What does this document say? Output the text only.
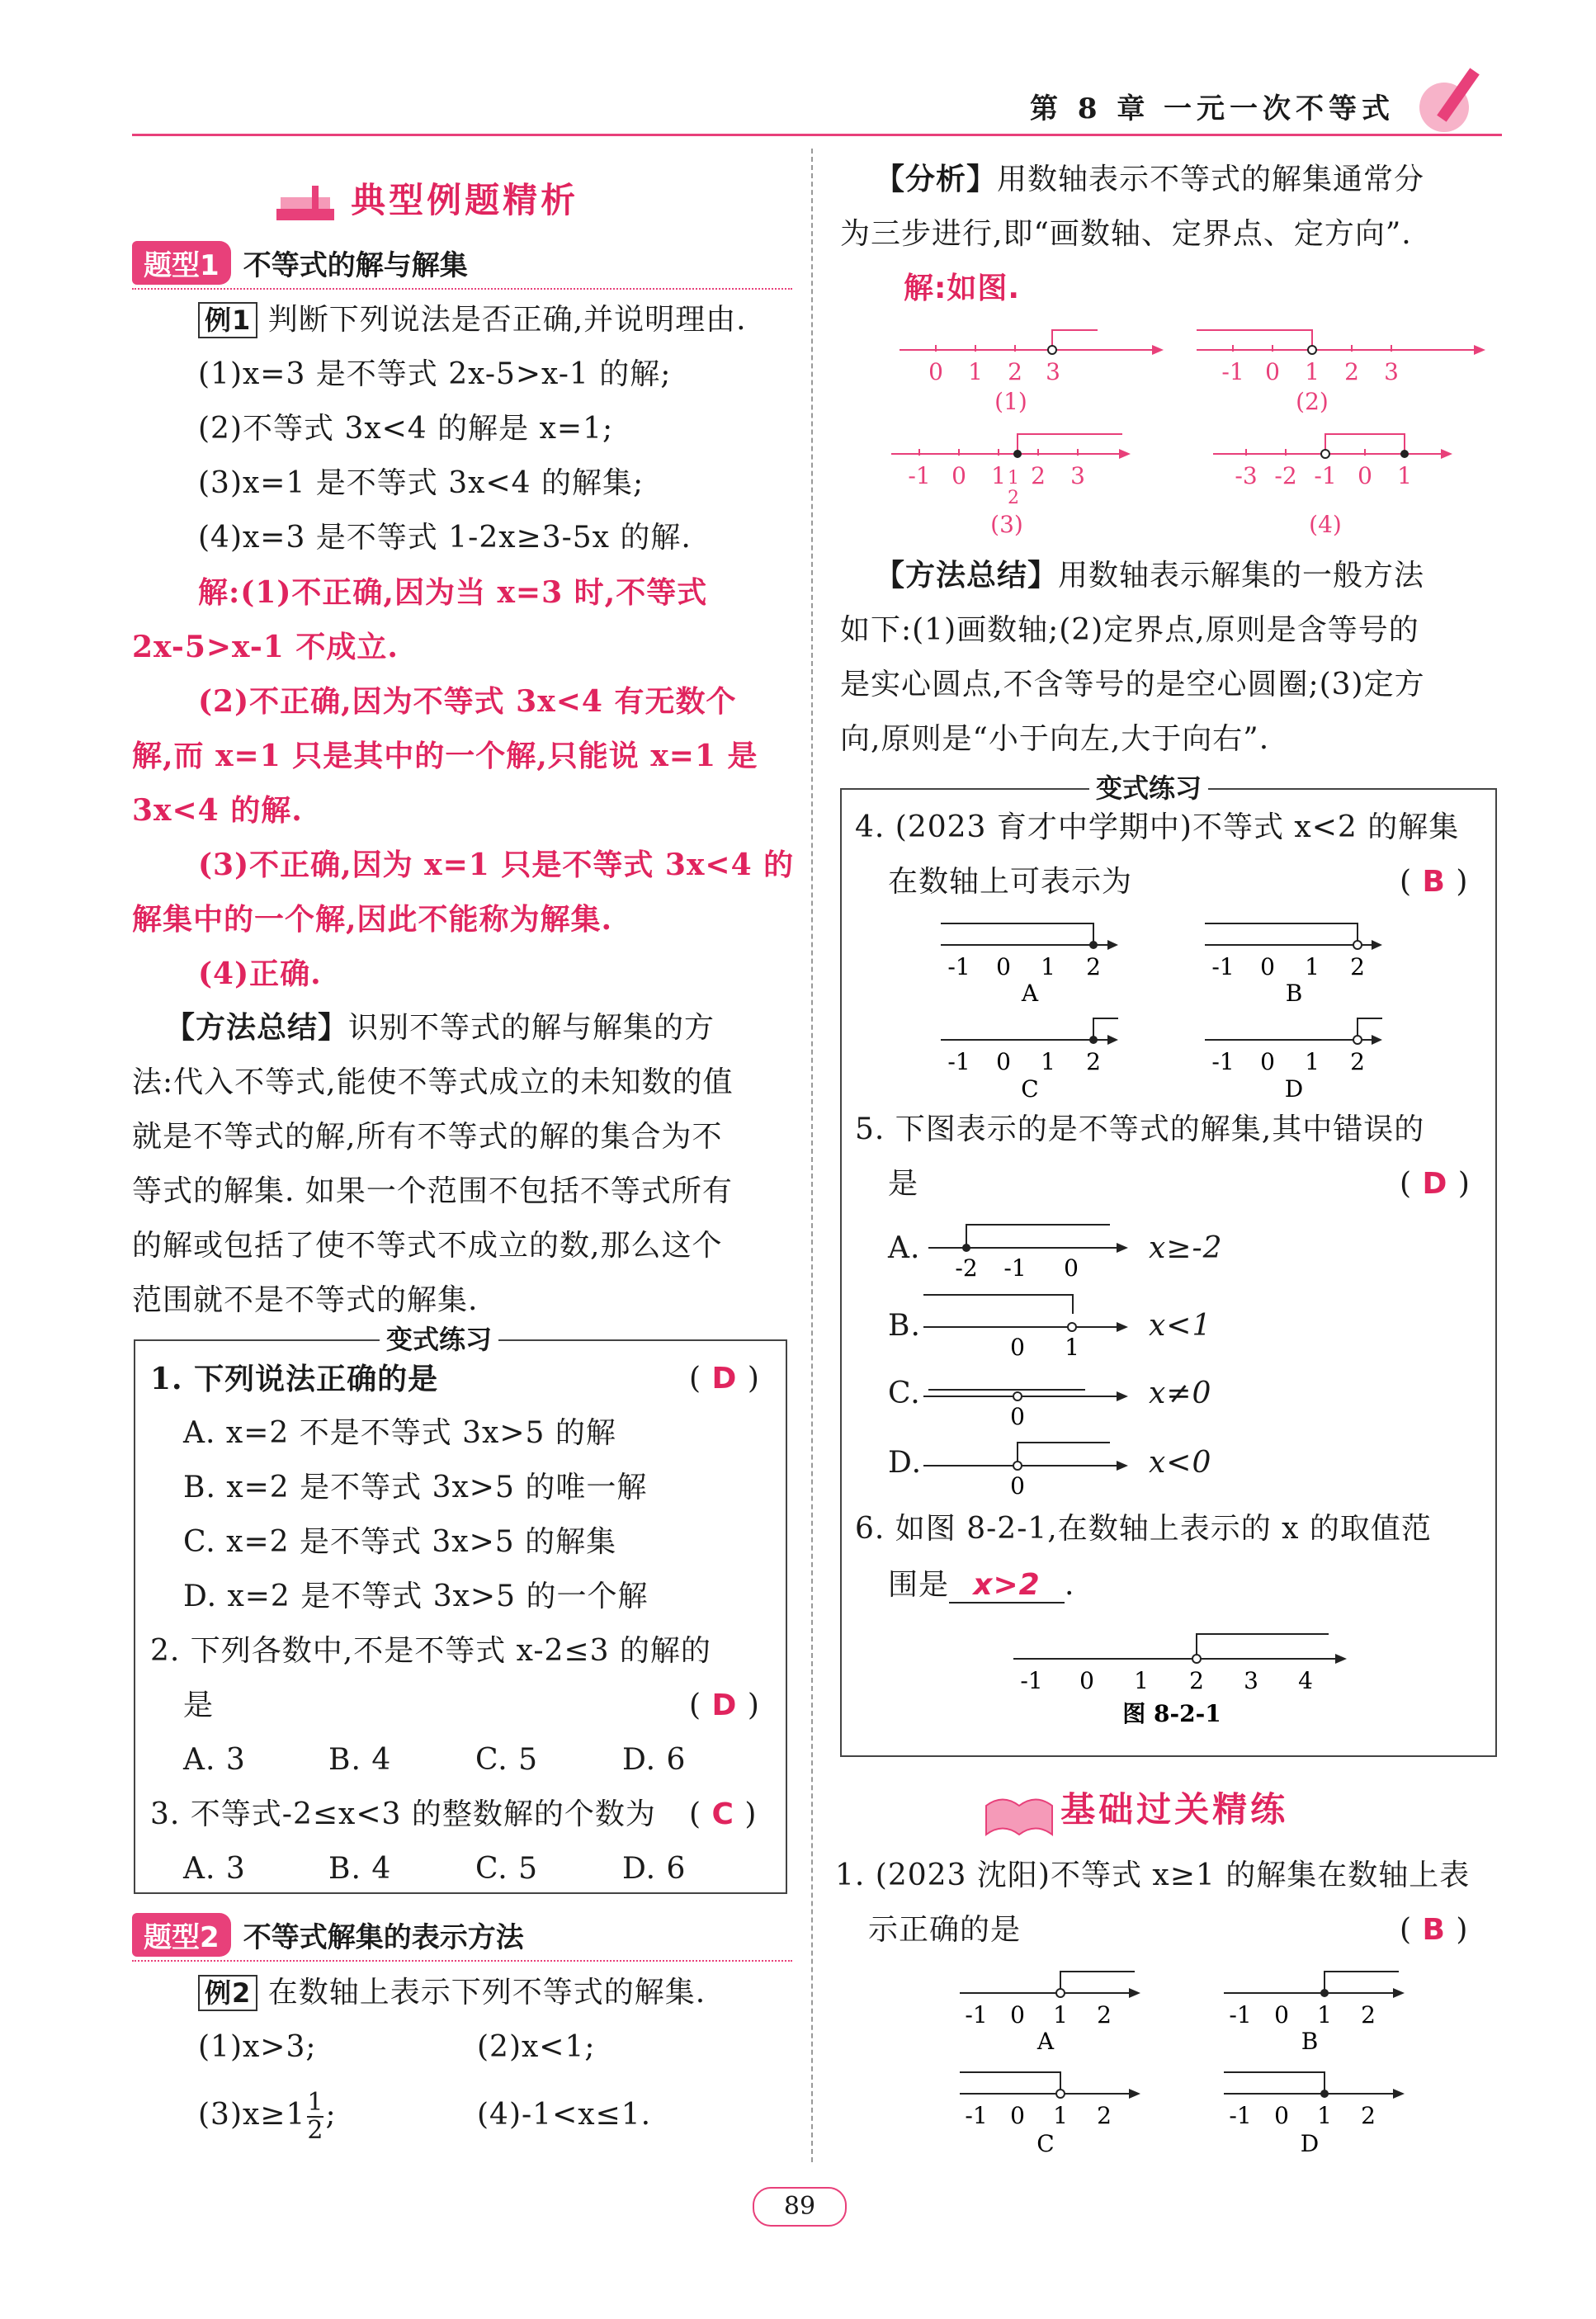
第 8 章 一元一次不等式
典型例题精析
题型1 不等式的解与解集
例1 判断下列说法是否正确,并说明理由.
(1)x=3 是不等式 2x-5>x-1 的解;
(2)不等式 3x<4 的解是 x=1;
(3)x=1 是不等式 3x<4 的解集;
(4)x=3 是不等式 1-2x≥3-5x 的解.
解:(1)不正确,因为当 x=3 时,不等式
2x-5>x-1 不成立.
(2)不正确,因为不等式 3x<4 有无数个
解,而 x=1 只是其中的一个解,只能说 x=1 是
3x<4 的解.
(3)不正确,因为 x=1 只是不等式 3x<4 的
解集中的一个解,因此不能称为解集.
(4)正确.
【方法总结】识别不等式的解与解集的方
法:代入不等式,能使不等式成立的未知数的值
就是不等式的解,所有不等式的解的集合为不
等式的解集. 如果一个范围不包括不等式所有
的解或包括了使不等式不成立的数,那么这个
范围就不是不等式的解集.
变式练习
1. 下列说法正确的是	( D )
A. x=2 不是不等式 3x>5 的解
B. x=2 是不等式 3x>5 的唯一解
C. x=2 是不等式 3x>5 的解集
D. x=2 是不等式 3x>5 的一个解
2. 下列各数中,不是不等式 x-2≤3 的解的
是	( D )
A. 3	B. 4	C. 5	D. 6
3. 不等式-2≤x<3 的整数解的个数为 ( C )
A. 3	B. 4	C. 5	D. 6
题型2 不等式解集的表示方法
例2 在数轴上表示下列不等式的解集.
(1)x>3;	(2)x<1;
$(3)x\ge 1 \frac{1}{2}$ ;	(4)-1<x≤1.
【分析】用数轴表示不等式的解集通常分
为三步进行,即“画数轴、定界点、定方向”.
解:如图.
0 1 2 3
(1)
-1 0 1 2 3
(2)
-1 0 1 2 3
1
2
(3)
-3 -2 -1 0 1
(4)
【方法总结】用数轴表示解集的一般方法
如下:(1)画数轴;(2)定界点,原则是含等号的
是实心圆点,不含等号的是空心圆圈;(3)定方
向,原则是“小于向左,大于向右”.
变式练习
4. (2023 育才中学期中)不等式 x<2 的解集
在数轴上可表示为	( B )
-1 0 1 2
A
-1 0 1 2
C
-1 0 1 2
B
-1 0 1 2
D
5. 下图表示的是不等式的解集,其中错误的
是	( D )
A.
-2 -1 0
x≥-2
B.
0 1
x<1
C.
0
x≠0
D.
0
x<0
6. 如图 8-2-1,在数轴上表示的 x 的取值范
围是 x>2 .
-1 0 1 2 3 4
图 8-2-1
基础过关精练
1. (2023 沈阳)不等式 x≥1 的解集在数轴上表
示正确的是	( B )
-1 0 1 2
A
-1 0 1 2
C
-1 0 1 2
B
-1 0 1 2
D
89
